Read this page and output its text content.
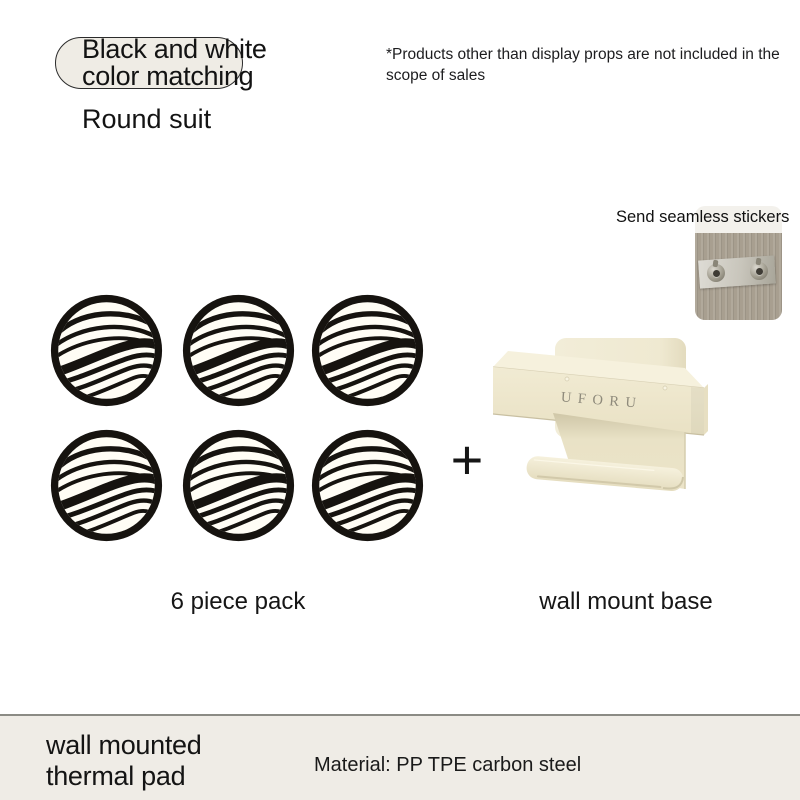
Black and white
color matching
Round suit
*Products other than display props are not included in the scope of sales
Send seamless stickers
+
UFORU
6 piece pack	wall mount base
wall mounted
thermal pad	Material: PP TPE carbon steel
